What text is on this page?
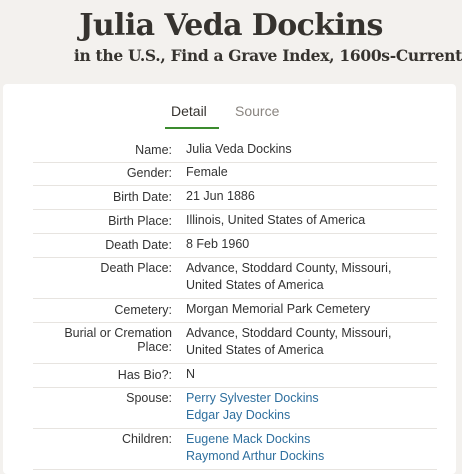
Julia Veda Dockins
in the U.S., Find a Grave Index, 1600s-Current
Detail Source
Name: Julia Veda Dockins
Gender: Female
Birth Date: 21 Jun 1886
Birth Place: Illinois, United States of America
Death Date: 8 Feb 1960
Death Place: Advance, Stoddard County, Missouri,
United States of America
Cemetery: Morgan Memorial Park Cemetery
Burial or Cremation Place:
Advance, Stoddard County, Missouri,
United States of America
Has Bio?: N
Spouse: Perry Sylvester Dockins
Edgar Jay Dockins
Children: Eugene Mack Dockins
Raymond Arthur Dockins
